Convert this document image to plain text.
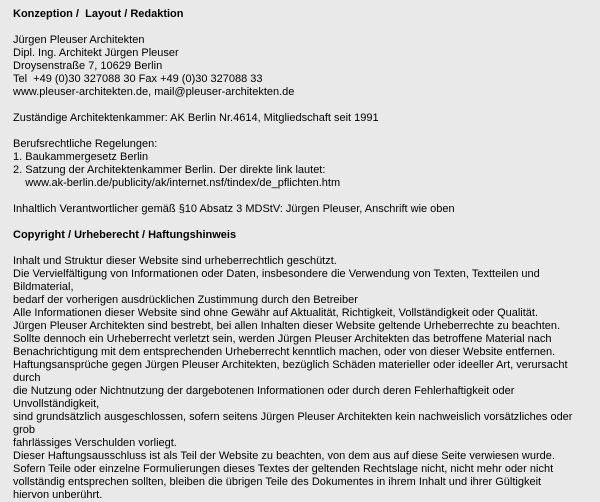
Konzeption /  Layout / Redaktion
Jürgen Pleuser Architekten
Dipl. Ing. Architekt Jürgen Pleuser
Droysenstraße 7, 10629 Berlin
Tel  +49 (0)30 327088 30 Fax +49 (0)30 327088 33
www.pleuser-architekten.de, mail@pleuser-architekten.de
Zuständige Architektenkammer: AK Berlin Nr.4614, Mitgliedschaft seit 1991
Berufsrechtliche Regelungen:
1. Baukammergesetz Berlin
2. Satzung der Architektenkammer Berlin. Der direkte link lautet:
www.ak-berlin.de/publicity/ak/internet.nsf/tindex/de_pflichten.htm
Inhaltlich Verantwortlicher gemäß §10 Absatz 3 MDStV: Jürgen Pleuser, Anschrift wie oben
Copyright / Urheberecht / Haftungshinweis
Inhalt und Struktur dieser Website sind urheberrechtlich geschützt.
Die Vervielfältigung von Informationen oder Daten, insbesondere die Verwendung von Texten, Textteilen und Bildmaterial,
bedarf der vorherigen ausdrücklichen Zustimmung durch den Betreiber
Alle Informationen dieser Website sind ohne Gewähr auf Aktualität, Richtigkeit, Vollständigkeit oder Qualität.
Jürgen Pleuser Architekten sind bestrebt, bei allen Inhalten dieser Website geltende Urheberrechte zu beachten.
Sollte dennoch ein Urheberrecht verletzt sein, werden Jürgen Pleuser Architekten das betroffene Material nach
Benachrichtigung mit dem entsprechenden Urheberrecht kenntlich machen, oder von dieser Website entfernen.
Haftungsansprüche gegen Jürgen Pleuser Architekten, bezüglich Schäden materieller oder ideeller Art, verursacht durch
die Nutzung oder Nichtnutzung der dargebotenen Informationen oder durch deren Fehlerhaftigkeit oder Unvollständigkeit,
sind grundsätzlich ausgeschlossen, sofern seitens Jürgen Pleuser Architekten kein nachweislich vorsätzliches oder grob
fahrlässiges Verschulden vorliegt.
Dieser Haftungsausschluss ist als Teil der Website zu beachten, von dem aus auf diese Seite verwiesen wurde.
Sofern Teile oder einzelne Formulierungen dieses Textes der geltenden Rechtslage nicht, nicht mehr oder nicht
vollständig entsprechen sollten, bleiben die übrigen Teile des Dokumentes in ihrem Inhalt und ihrer Gültigkeit
hiervon unberührt.
